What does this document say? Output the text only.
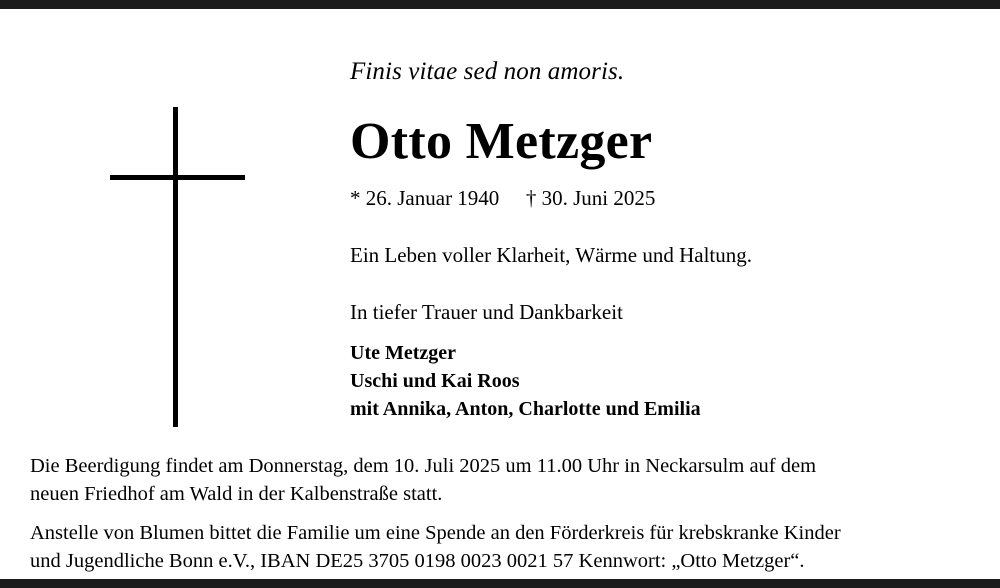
Finis vitae sed non amoris.

Otto Metzger

* 26. Januar 1940 † 30. Juni 2025

Ein Leben voller Klarheit, Wärme und Haltung.

In tiefer Trauer und Dankbarkeit

Ute Metzger
Uschi und Kai Roos
mit Annika, Anton, Charlotte und Emilia

Die Beerdigung findet am Donnerstag, dem 10. Juli 2025 um 11.00 Uhr in Neckarsulm auf dem

neuen Friedhof am Wald in der Kalbenstraße statt.

Anstelle von Blumen bittet die Familie um eine Spende an den Förderkreis für krebskranke Kinder

und Jugendliche Bonn e.V., IBAN DE25 3705 0198 0023 0021 57 Kennwort: „Otto Metzger“.
